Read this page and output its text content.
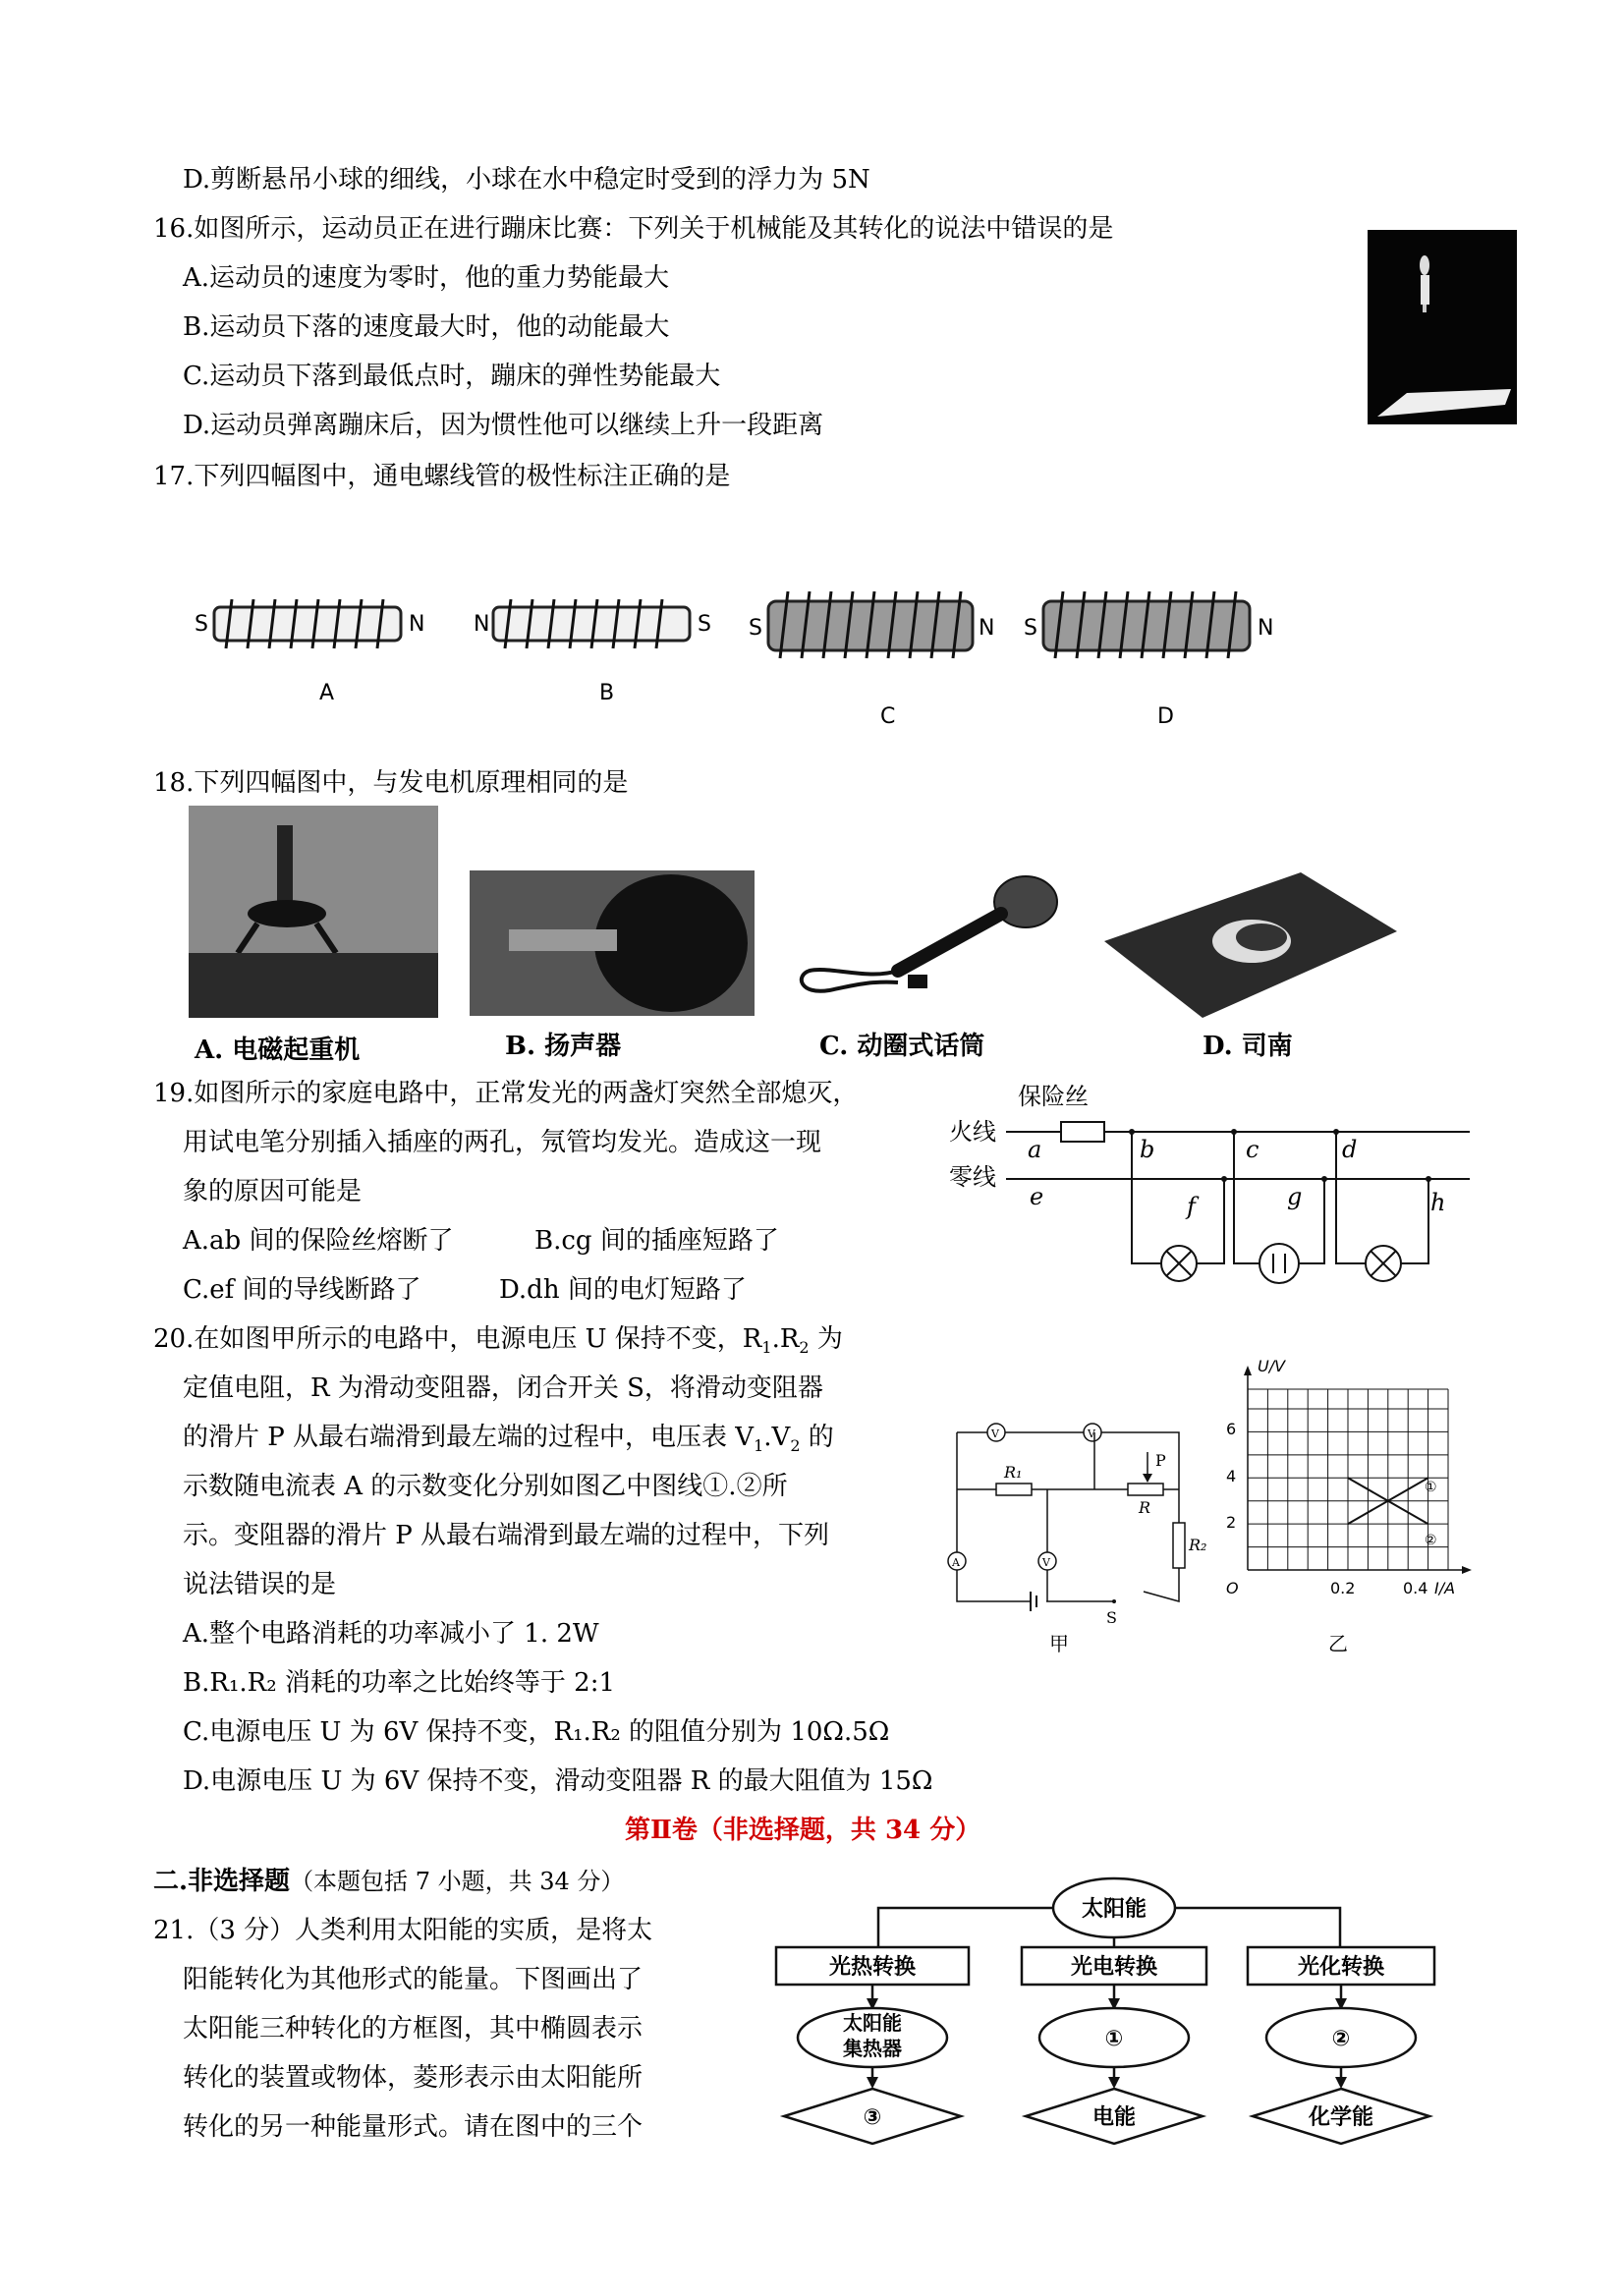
D.剪断悬吊小球的细线，小球在水中稳定时受到的浮力为 5N
16.如图所示，运动员正在进行蹦床比赛：下列关于机械能及其转化的说法中错误的是
A.运动员的速度为零时，他的重力势能最大
B.运动员下落的速度最大时，他的动能最大
C.运动员下落到最低点时，蹦床的弹性势能最大
D.运动员弹离蹦床后，因为惯性他可以继续上升一段距离
17.下列四幅图中，通电螺线管的极性标注正确的是
S	N
A
N	S
B
S	N
C
S	N
D
18.下列四幅图中，与发电机原理相同的是
A. 电磁起重机	B. 扬声器	C. 动圈式话筒	D. 司南
19.如图所示的家庭电路中，正常发光的两盏灯突然全部熄灭，
用试电笔分别插入插座的两孔，氖管均发光。造成这一现
象的原因可能是
A.ab 间的保险丝熔断了	B.cg 间的插座短路了
C.ef 间的导线断路了	D.dh 间的电灯短路了
保险丝
火线
零线
a	b	c	d
e	f	g	h
20.在如图甲所示的电路中，电源电压 U 保持不变，$R_1.R_2$ 为
定值电阻，R 为滑动变阻器，闭合开关 S，将滑动变阻器
的滑片 P 从最右端滑到最左端的过程中，电压表 $V_1.V_2$ 的
示数随电流表 A 的示数变化分别如图乙中图线①.②所
示。变阻器的滑片 P 从最右端滑到最左端的过程中，下列
说法错误的是
A.整个电路消耗的功率减小了 1. 2W
B.R₁.R₂ 消耗的功率之比始终等于 2:1
C.电源电压 U 为 6V 保持不变，R₁.R₂ 的阻值分别为 10Ω.5Ω
D.电源电压 U 为 6V 保持不变，滑动变阻器 R 的最大阻值为 15Ω
V	V
R₁
R
P
V
R₂
A
S
甲
U/V
I/A
O
6
4
2
0.2	0.4
①
②
乙
第Ⅱ卷（非选择题，共 34 分）
二.非选择题（本题包括 7 小题，共 34 分）
21.（3 分）人类利用太阳能的实质，是将太
阳能转化为其他形式的能量。下图画出了
太阳能三种转化的方框图，其中椭圆表示
转化的装置或物体，菱形表示由太阳能所
转化的另一种能量形式。请在图中的三个
太阳能
光热转换	光电转换	光化转换
太阳能
集热器	①	②
③	电能	化学能
